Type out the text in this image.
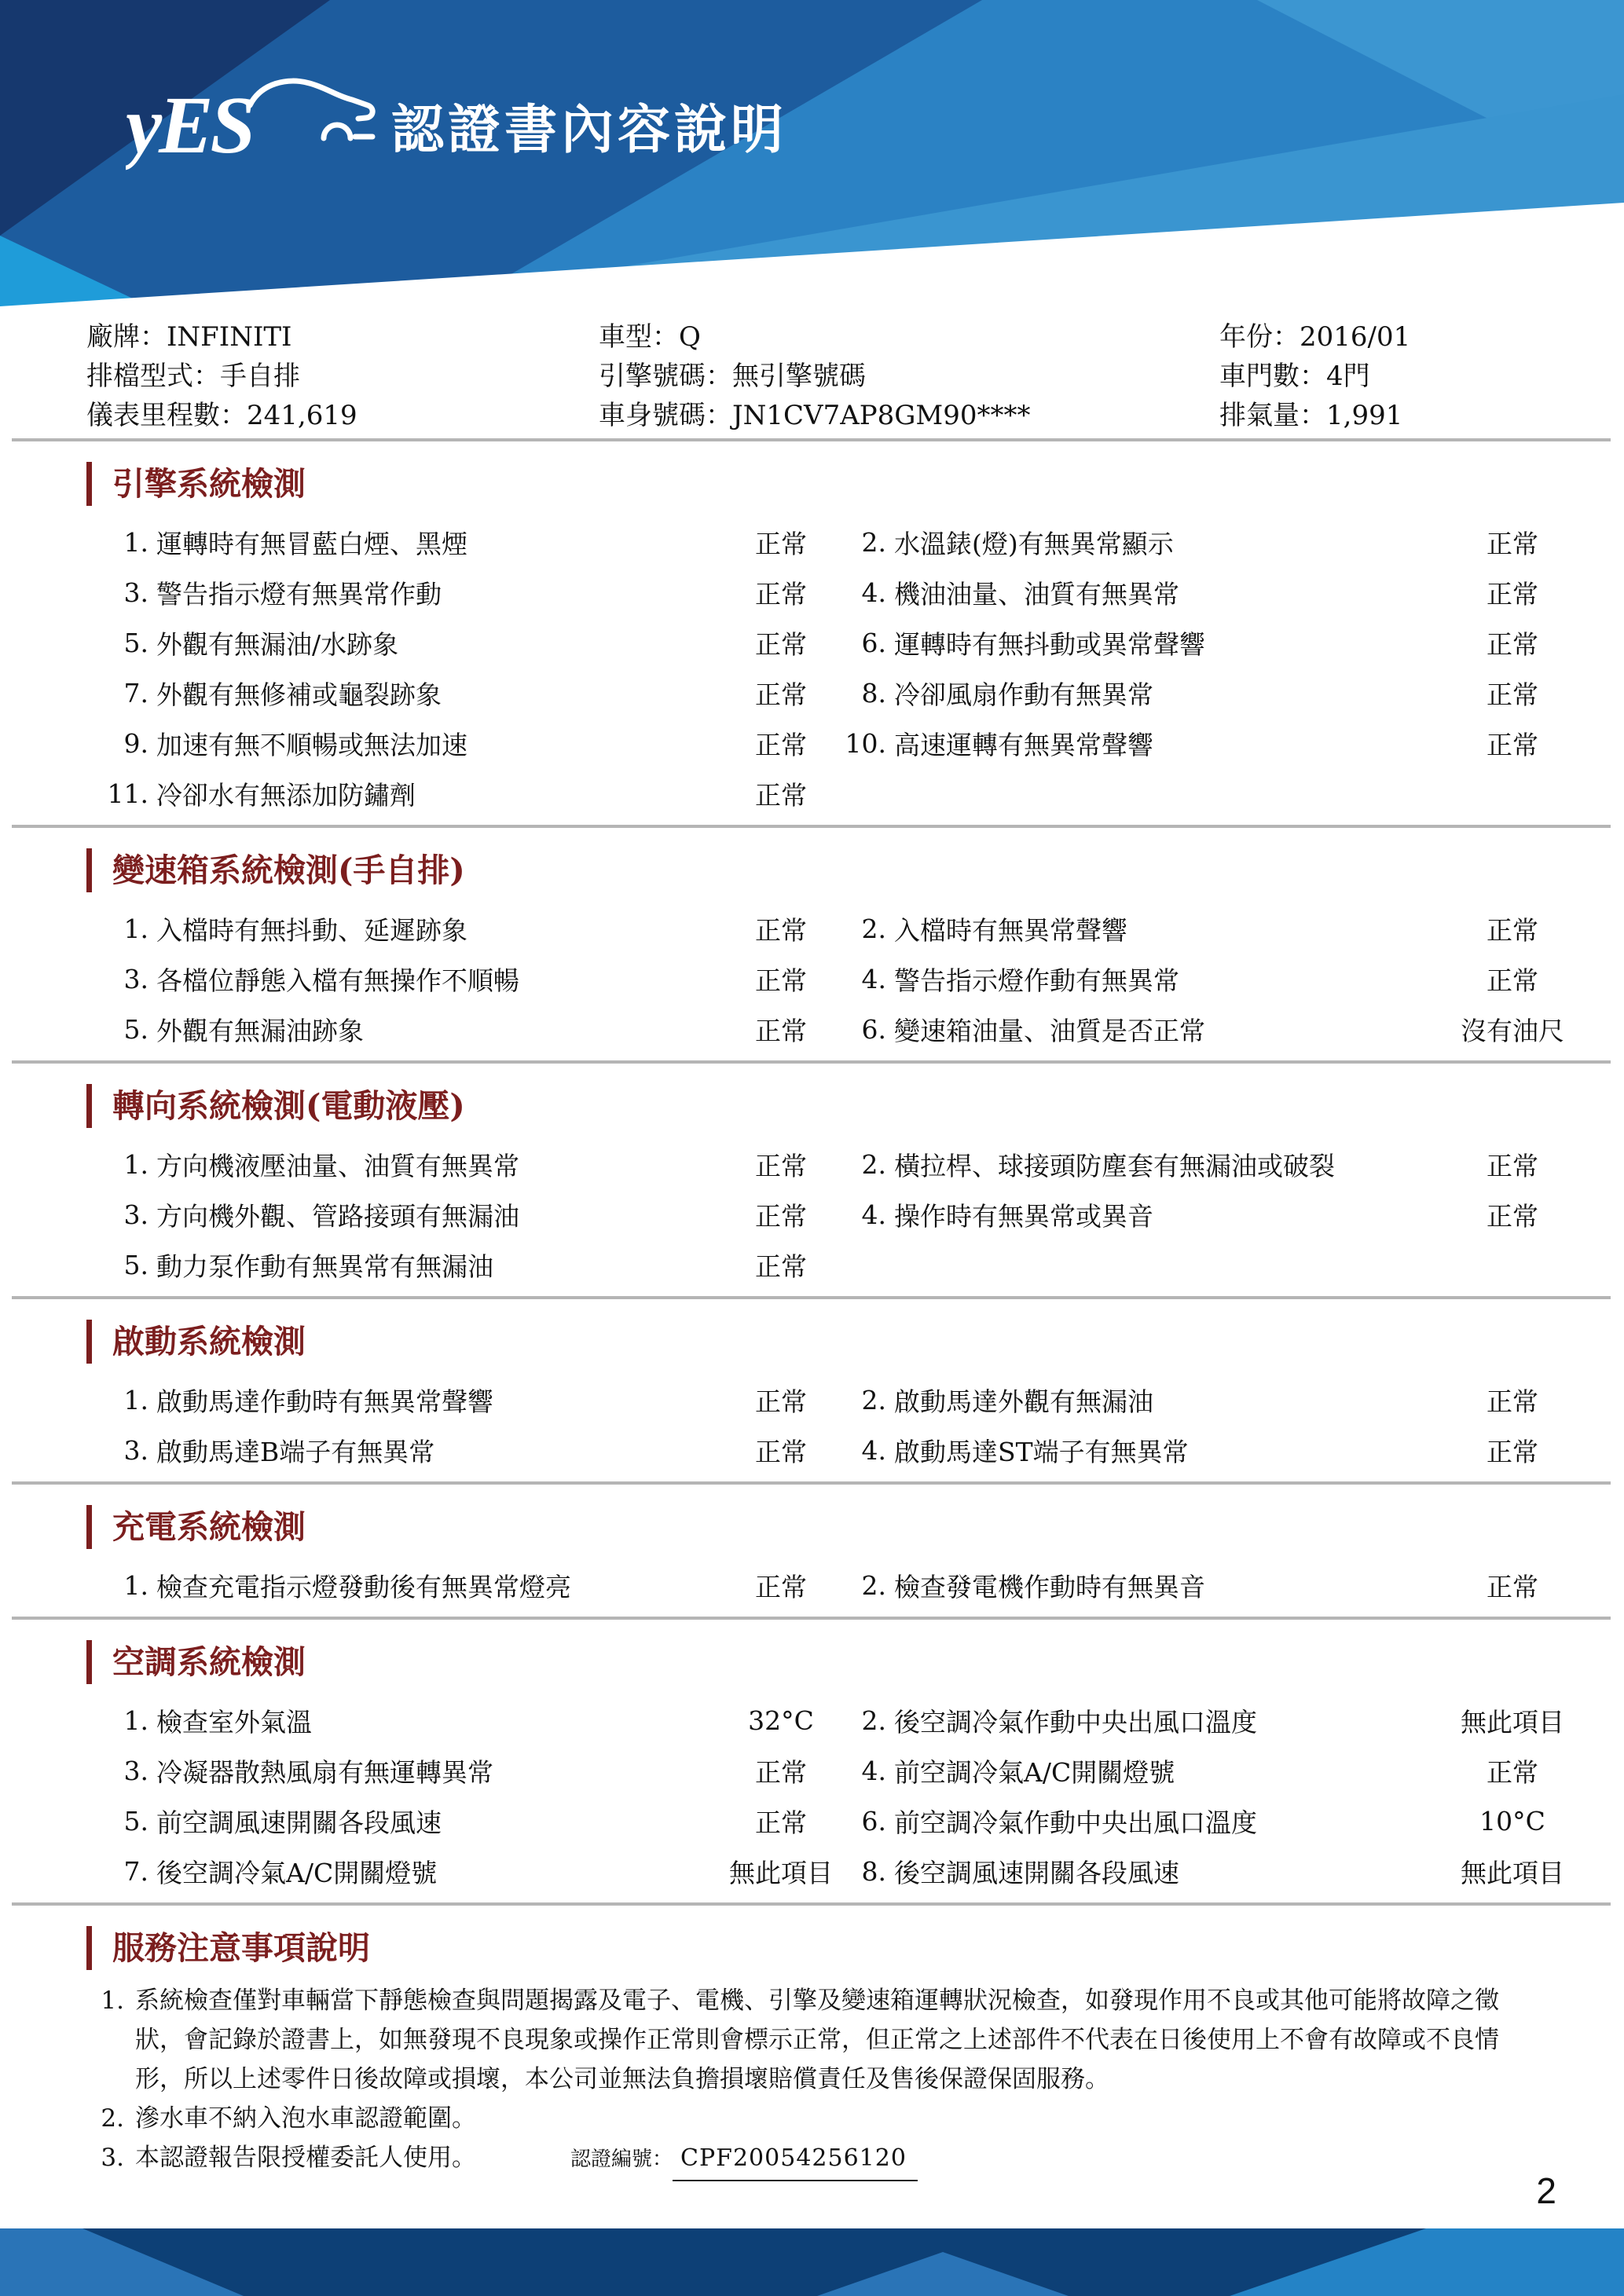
yES	認證書內容說明
廠牌：INFINITI	車型：Q	年份：2016/01
排檔型式：手自排	引擎號碼：無引擎號碼	車門數：4門
儀表里程數：241,619	車身號碼：JN1CV7AP8GM90****	排氣量：1,991
引擎系統檢測
1. 運轉時有無冒藍白煙、黑煙	正常	2. 水溫錶(燈)有無異常顯示	正常
3. 警告指示燈有無異常作動	正常	4. 機油油量、油質有無異常	正常
5. 外觀有無漏油/水跡象	正常	6. 運轉時有無抖動或異常聲響	正常
7. 外觀有無修補或龜裂跡象	正常	8. 冷卻風扇作動有無異常	正常
9. 加速有無不順暢或無法加速	正常	10. 高速運轉有無異常聲響	正常
11. 冷卻水有無添加防鏽劑	正常
變速箱系統檢測(手自排)
1. 入檔時有無抖動、延遲跡象	正常	2. 入檔時有無異常聲響	正常
3. 各檔位靜態入檔有無操作不順暢	正常	4. 警告指示燈作動有無異常	正常
5. 外觀有無漏油跡象	正常	6. 變速箱油量、油質是否正常	沒有油尺
轉向系統檢測(電動液壓)
1. 方向機液壓油量、油質有無異常	正常	2. 橫拉桿、球接頭防塵套有無漏油或破裂	正常
3. 方向機外觀、管路接頭有無漏油	正常	4. 操作時有無異常或異音	正常
5. 動力泵作動有無異常有無漏油	正常
啟動系統檢測
1. 啟動馬達作動時有無異常聲響	正常	2. 啟動馬達外觀有無漏油	正常
3. 啟動馬達B端子有無異常	正常	4. 啟動馬達ST端子有無異常	正常
充電系統檢測
1. 檢查充電指示燈發動後有無異常燈亮	正常	2. 檢查發電機作動時有無異音	正常
空調系統檢測
1. 檢查室外氣溫	32°C	2. 後空調冷氣作動中央出風口溫度	無此項目
3. 冷凝器散熱風扇有無運轉異常	正常	4. 前空調冷氣A/C開關燈號	正常
5. 前空調風速開關各段風速	正常	6. 前空調冷氣作動中央出風口溫度	10°C
7. 後空調冷氣A/C開關燈號	無此項目	8. 後空調風速開關各段風速	無此項目
服務注意事項說明
1. 系統檢查僅對車輛當下靜態檢查與問題揭露及電子、電機、引擎及變速箱運轉狀況檢查，如發現作用不良或其他可能將故障之徵狀，會記錄於證書上，如無發現不良現象或操作正常則會標示正常，但正常之上述部件不代表在日後使用上不會有故障或不良情形，所以上述零件日後故障或損壞，本公司並無法負擔損壞賠償責任及售後保證保固服務。
2. 滲水車不納入泡水車認證範圍。
3. 本認證報告限授權委託人使用。	認證編號： CPF20054256120
2
